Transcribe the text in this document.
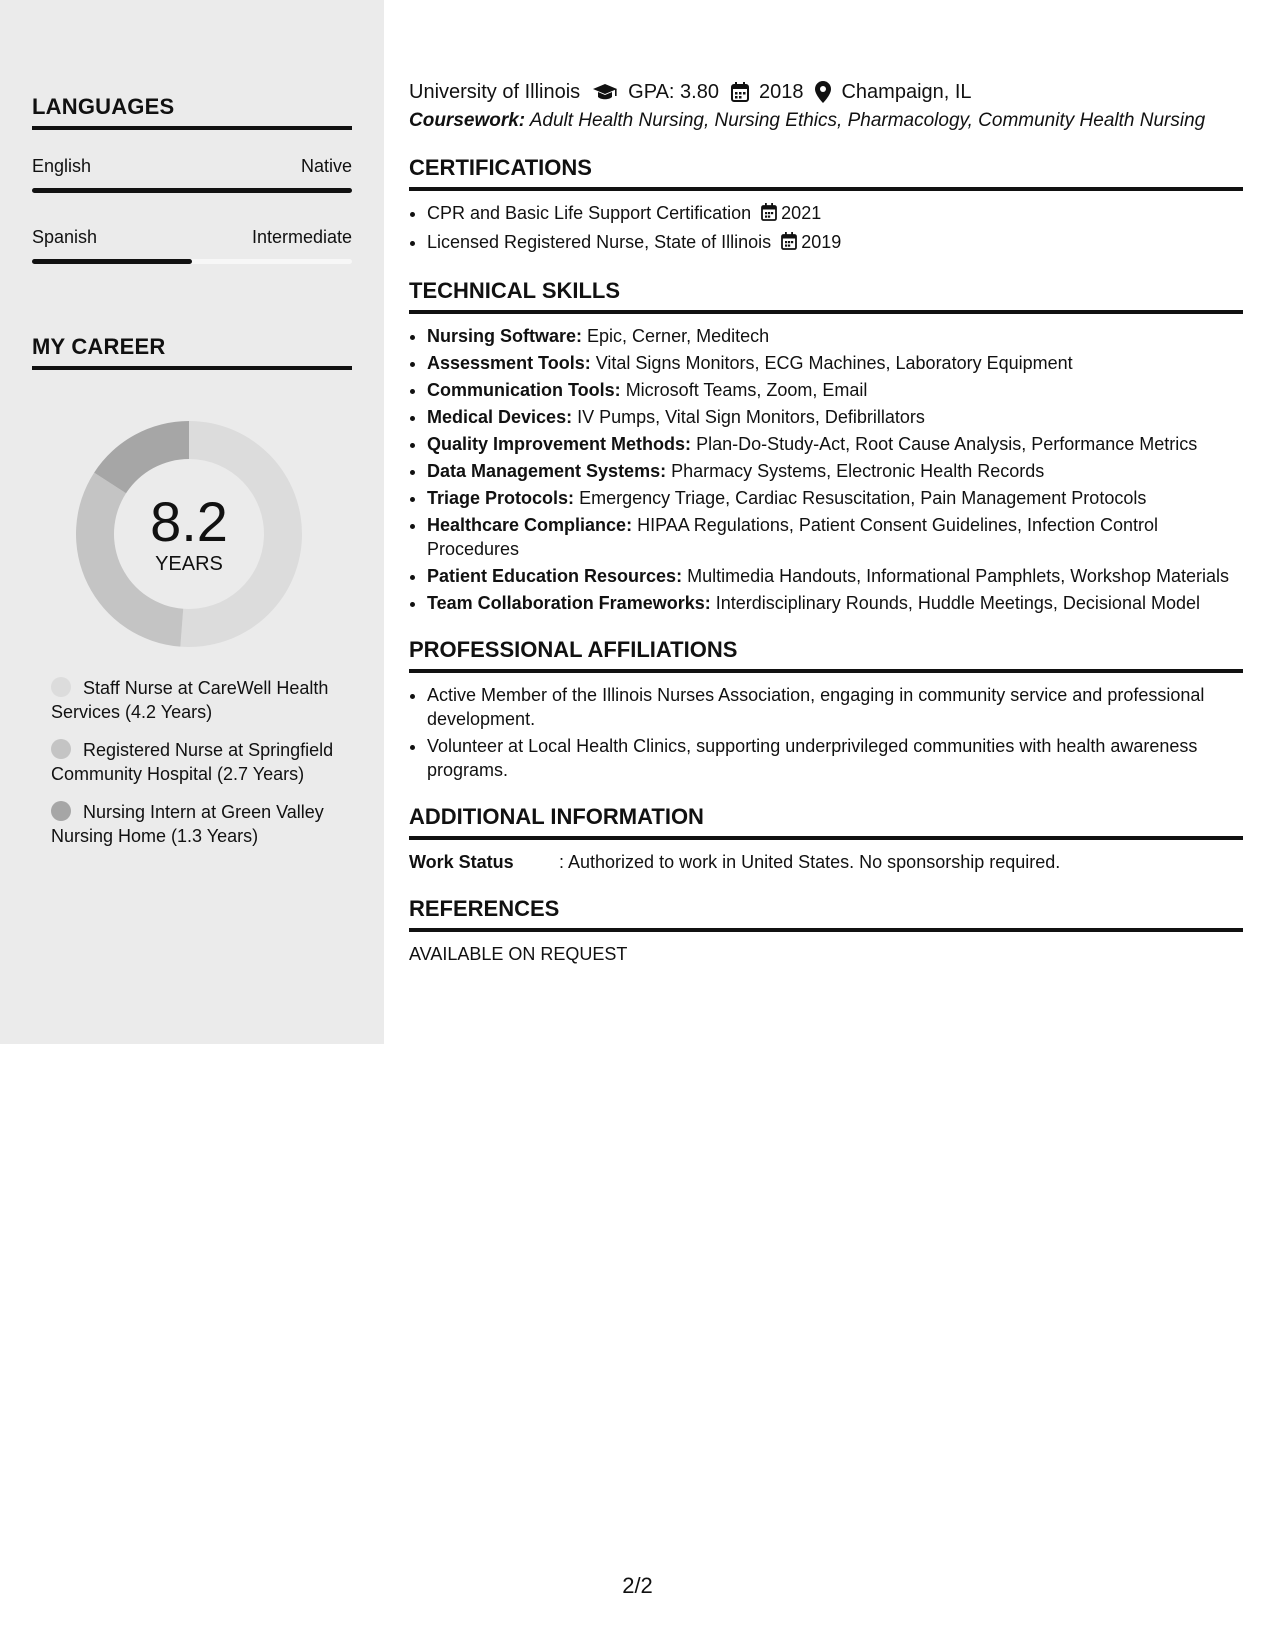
LANGUAGES
English	Native
Spanish	Intermediate
MY CAREER
8.2
YEARS
Staff Nurse at CareWell Health Services (4.2 Years)
Registered Nurse at Springfield Community Hospital (2.7 Years)
Nursing Intern at Green Valley Nursing Home (1.3 Years)
University of Illinois GPA: 3.80 2018 Champaign, IL
Coursework: Adult Health Nursing, Nursing Ethics, Pharmacology, Community Health Nursing
CERTIFICATIONS
• CPR and Basic Life Support Certification 2021
• Licensed Registered Nurse, State of Illinois 2019
TECHNICAL SKILLS
• Nursing Software: Epic, Cerner, Meditech
• Assessment Tools: Vital Signs Monitors, ECG Machines, Laboratory Equipment
• Communication Tools: Microsoft Teams, Zoom, Email
• Medical Devices: IV Pumps, Vital Sign Monitors, Defibrillators
• Quality Improvement Methods: Plan-Do-Study-Act, Root Cause Analysis, Performance Metrics
• Data Management Systems: Pharmacy Systems, Electronic Health Records
• Triage Protocols: Emergency Triage, Cardiac Resuscitation, Pain Management Protocols
• Healthcare Compliance: HIPAA Regulations, Patient Consent Guidelines, Infection Control Procedures
• Patient Education Resources: Multimedia Handouts, Informational Pamphlets, Workshop Materials
• Team Collaboration Frameworks: Interdisciplinary Rounds, Huddle Meetings, Decisional Model
PROFESSIONAL AFFILIATIONS
• Active Member of the Illinois Nurses Association, engaging in community service and professional development.
• Volunteer at Local Health Clinics, supporting underprivileged communities with health awareness programs.
ADDITIONAL INFORMATION
Work Status	: Authorized to work in United States. No sponsorship required.
REFERENCES
AVAILABLE ON REQUEST
2/2
